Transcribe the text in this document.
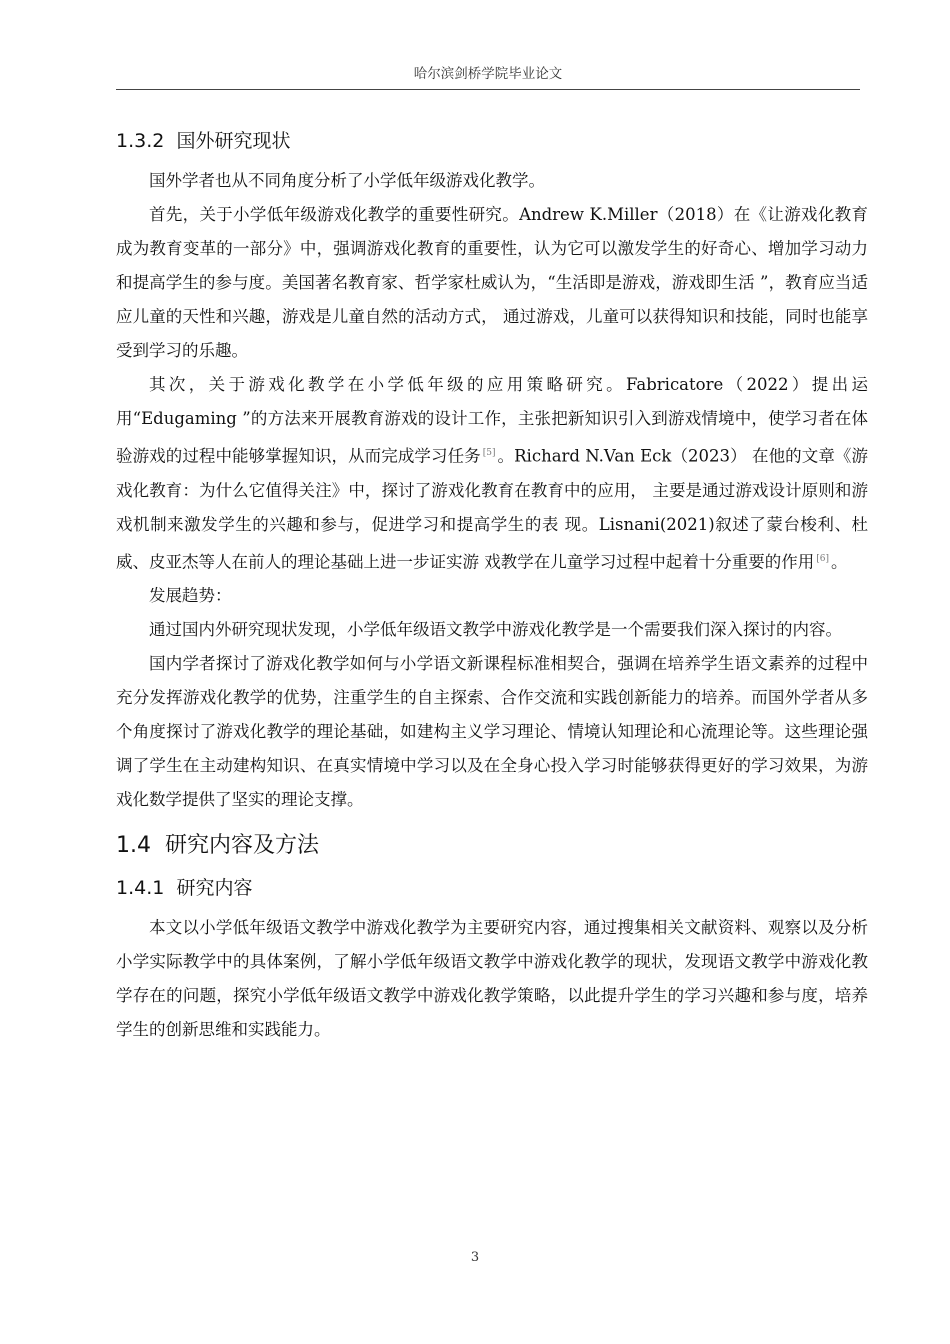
哈尔滨剑桥学院毕业论文
1.3.2 国外研究现状

国外学者也从不同角度分析了小学低年级游戏化教学。

首先，关于小学低年级游戏化教学的重要性研究。Andrew K.Miller（2018）在《让游戏化教育成为教育变革的一部分》中，强调游戏化教育的重要性，认为它可以激发学生的好奇心、增加学习动力和提高学生的参与度。美国著名教育家、哲学家杜威认为，“生活即是游戏，游戏即生活 ”，教育应当适应儿童的天性和兴趣，游戏是儿童自然的活动方式， 通过游戏，儿童可以获得知识和技能，同时也能享受到学习的乐趣。

其次，关于游戏化教学在小学低年级的应用策略研究。Fabricatore（2022）提出运用“Edugaming ”的方法来开展教育游戏的设计工作，主张把新知识引入到游戏情境中，使学习者在体验游戏的过程中能够掌握知识，从而完成学习任务 [5] 。Richard N.Van Eck（2023） 在他的文章《游戏化教育：为什么它值得关注》中，探讨了游戏化教育在教育中的应用， 主要是通过游戏设计原则和游戏机制来激发学生的兴趣和参与，促进学习和提高学生的表 现。Lisnani(2021)叙述了蒙台梭利、杜威、皮亚杰等人在前人的理论基础上进一步证实游 戏教学在儿童学习过程中起着十分重要的作用 [6] 。

发展趋势：

通过国内外研究现状发现，小学低年级语文教学中游戏化教学是一个需要我们深入探讨的内容。

国内学者探讨了游戏化教学如何与小学语文新课程标准相契合，强调在培养学生语文素养的过程中充分发挥游戏化教学的优势，注重学生的自主探索、合作交流和实践创新能力的培养。而国外学者从多个角度探讨了游戏化教学的理论基础，如建构主义学习理论、情境认知理论和心流理论等。这些理论强调了学生在主动建构知识、在真实情境中学习以及在全身心投入学习时能够获得更好的学习效果，为游戏化数学提供了坚实的理论支撑。

1.4 研究内容及方法
1.4.1 研究内容

本文以小学低年级语文教学中游戏化教学为主要研究内容，通过搜集相关文献资料、观察以及分析小学实际教学中的具体案例，了解小学低年级语文教学中游戏化教学的现状，发现语文教学中游戏化教学存在的问题，探究小学低年级语文教学中游戏化教学策略，以此提升学生的学习兴趣和参与度，培养学生的创新思维和实践能力。

3
